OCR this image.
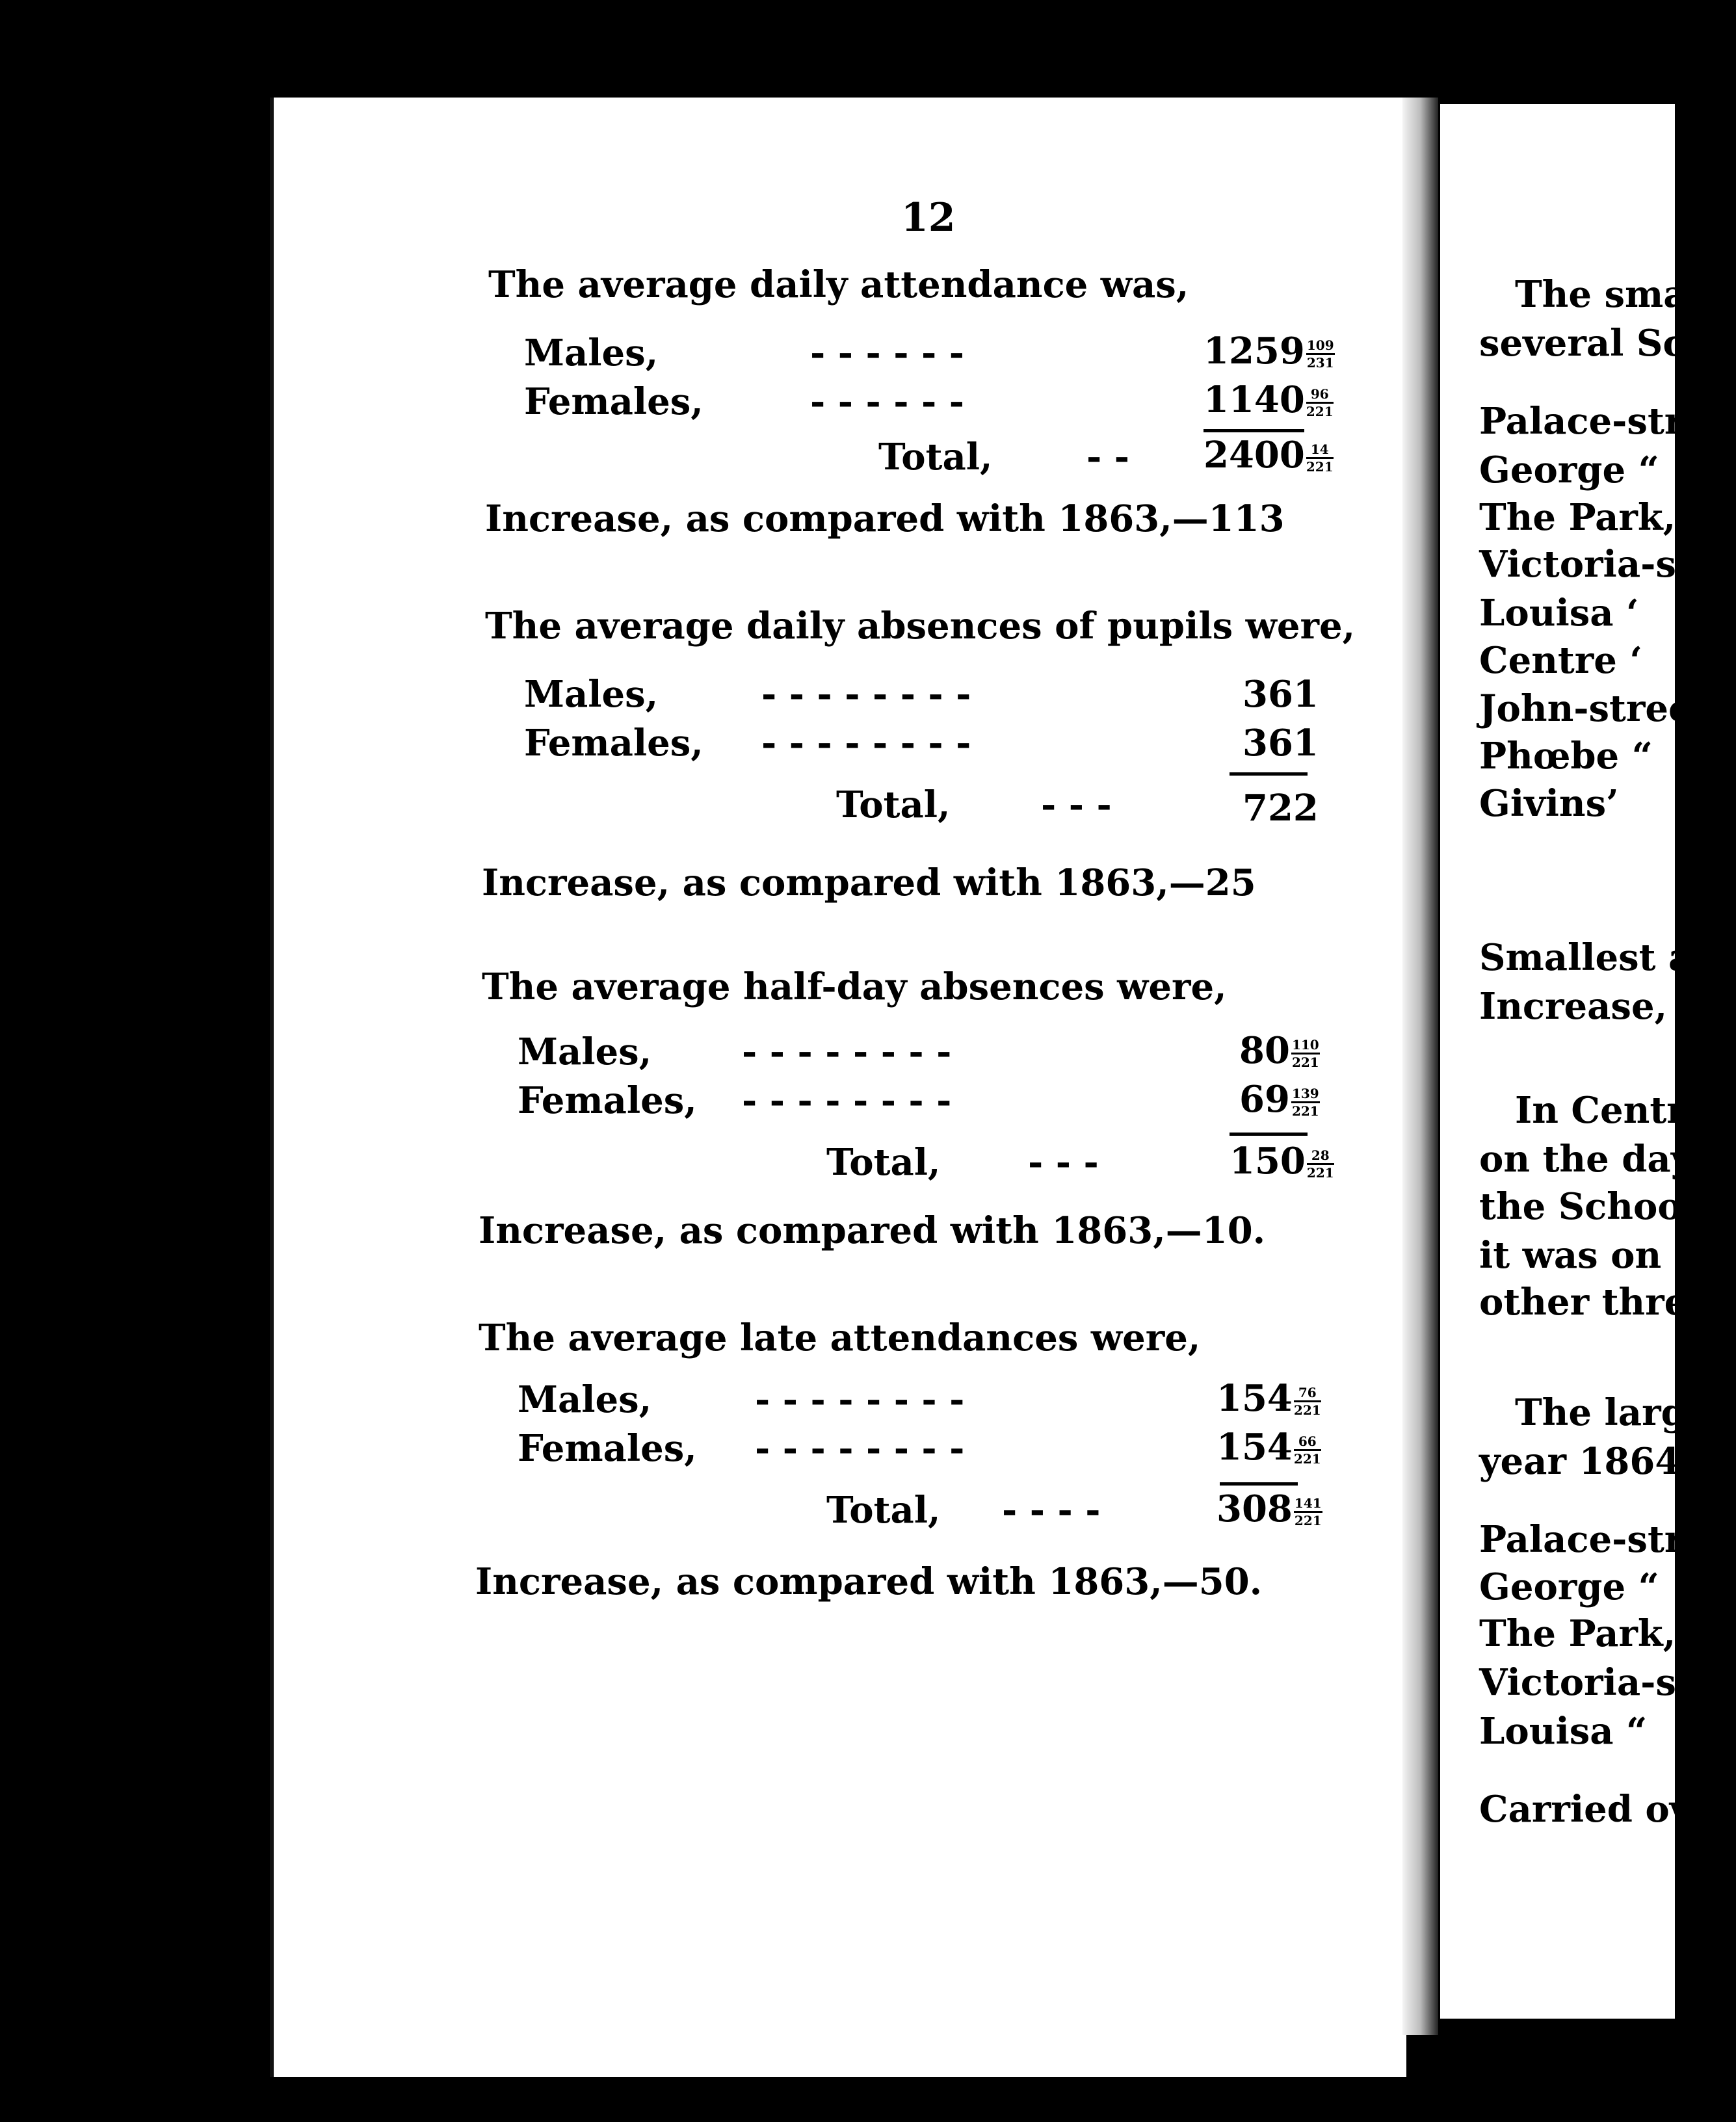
12
The average daily attendance was,
Males,	- - - - - -	$1259 \frac{109}{231}$
Females,	- - - - - -	$1140 \frac{96}{221}$
Total,	- - $2400 \frac{14}{221}$
Increase, as compared with 1863,—113
The average daily absences of pupils were,
Males,	- - - - - - - -	361
Females, - - - - - - - -	361
Total, - - -	722
Increase, as compared with 1863,—25
The average half-day absences were,
Males, - - - - - - - -	$80 \frac{110}{221}$
Females, - - - - - - - -	$69 \frac{139}{221}$
Total, - - -	$150 \frac{28}{221}$
Increase, as compared with 1863,—10.
The average late attendances were,
Males,	- - - - - - - -	$154 \frac{76}{221}$
Females, - - - - - - - -	$154 \frac{66}{221}$
Total, - - - -	$308 \frac{141}{221}$
Increase, as compared with 1863,—50.
The sma
several Scho
Palace-stree
George “
The Park,
Victoria-stre
Louisa ‘
Centre ‘
John-street,
Phœbe “
Givins’
Smallest att
Increase, as
In Centre
on the day c
the Schools
it was on a
other three,
The large
year 1864 w
Palace-stree
George “
The Park,
Victoria-stre
Louisa “
Carried over
